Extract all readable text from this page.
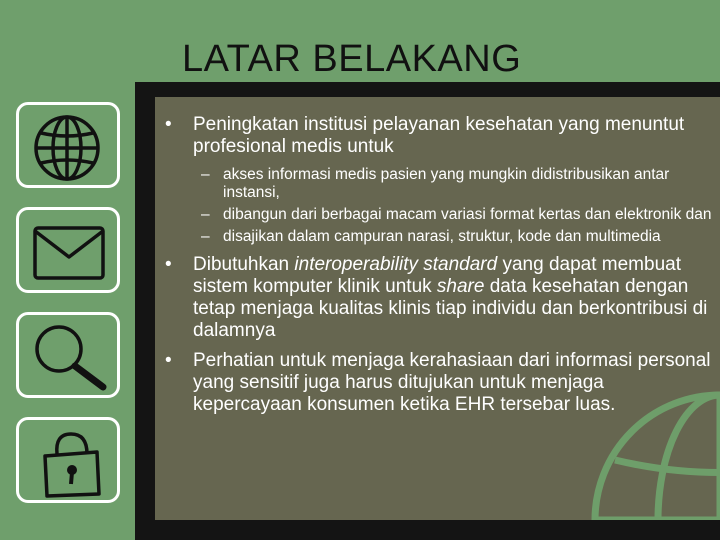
LATAR BELAKANG
• Peningkatan institusi pelayanan kesehatan yang menuntut profesional medis untuk
– akses informasi medis pasien yang mungkin didistribusikan antar instansi,
– dibangun dari berbagai macam variasi format kertas dan elektronik dan
– disajikan dalam campuran narasi, struktur, kode dan multimedia
• Dibutuhkan interoperability standard yang dapat membuat sistem komputer klinik untuk share data kesehatan dengan tetap menjaga kualitas klinis tiap individu dan berkontribusi di dalamnya
• Perhatian untuk menjaga kerahasiaan dari informasi personal yang sensitif juga harus ditujukan untuk menjaga kepercayaan konsumen ketika EHR tersebar luas.
